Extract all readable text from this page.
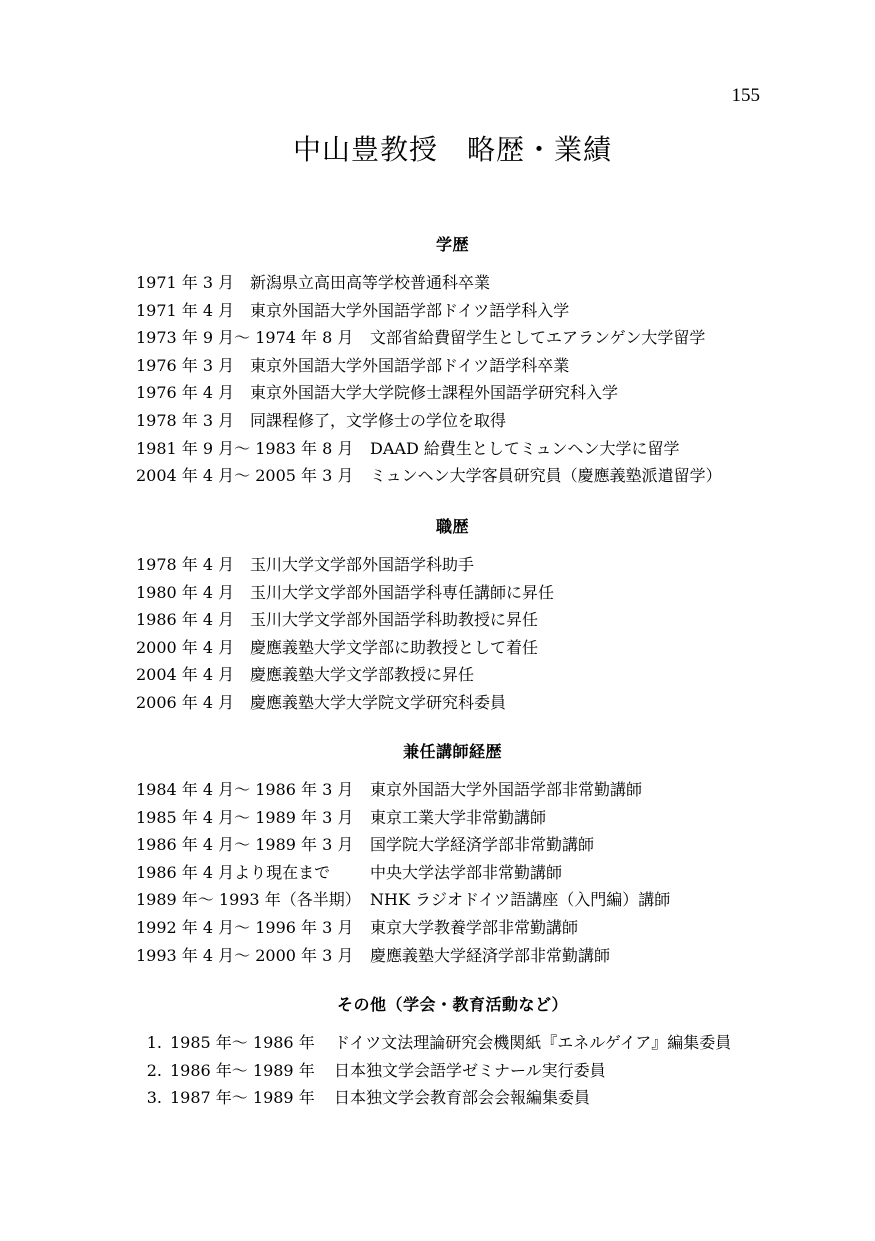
155
中山豊教授　略歴・業績
学歴
1971 年 3 月 新潟県立高田高等学校普通科卒業
1971 年 4 月 東京外国語大学外国語学部ドイツ語学科入学
1973 年 9 月～ 1974 年 8 月	文部省給費留学生としてエアランゲン大学留学
1976 年 3 月 東京外国語大学外国語学部ドイツ語学科卒業
1976 年 4 月 東京外国語大学大学院修士課程外国語学研究科入学
1978 年 3 月 同課程修了，文学修士の学位を取得
1981 年 9 月～ 1983 年 8 月	DAAD 給費生としてミュンヘン大学に留学
2004 年 4 月～ 2005 年 3 月	ミュンヘン大学客員研究員（慶應義塾派遣留学）
職歴
1978 年 4 月 玉川大学文学部外国語学科助手
1980 年 4 月 玉川大学文学部外国語学科専任講師に昇任
1986 年 4 月 玉川大学文学部外国語学科助教授に昇任
2000 年 4 月 慶應義塾大学文学部に助教授として着任
2004 年 4 月 慶應義塾大学文学部教授に昇任
2006 年 4 月 慶應義塾大学大学院文学研究科委員
兼任講師経歴
1984 年 4 月～ 1986 年 3 月	東京外国語大学外国語学部非常勤講師
1985 年 4 月～ 1989 年 3 月	東京工業大学非常勤講師
1986 年 4 月～ 1989 年 3 月	国学院大学経済学部非常勤講師
1986 年 4 月より現在まで	中央大学法学部非常勤講師
1989 年～ 1993 年（各半期） NHK ラジオドイツ語講座（入門編）講師
1992 年 4 月～ 1996 年 3 月	東京大学教養学部非常勤講師
1993 年 4 月～ 2000 年 3 月	慶應義塾大学経済学部非常勤講師
その他（学会・教育活動など）
1. 1985 年～ 1986 年	ドイツ文法理論研究会機関紙『エネルゲイア』編集委員
2. 1986 年～ 1989 年	日本独文学会語学ゼミナール実行委員
3. 1987 年～ 1989 年	日本独文学会教育部会会報編集委員
